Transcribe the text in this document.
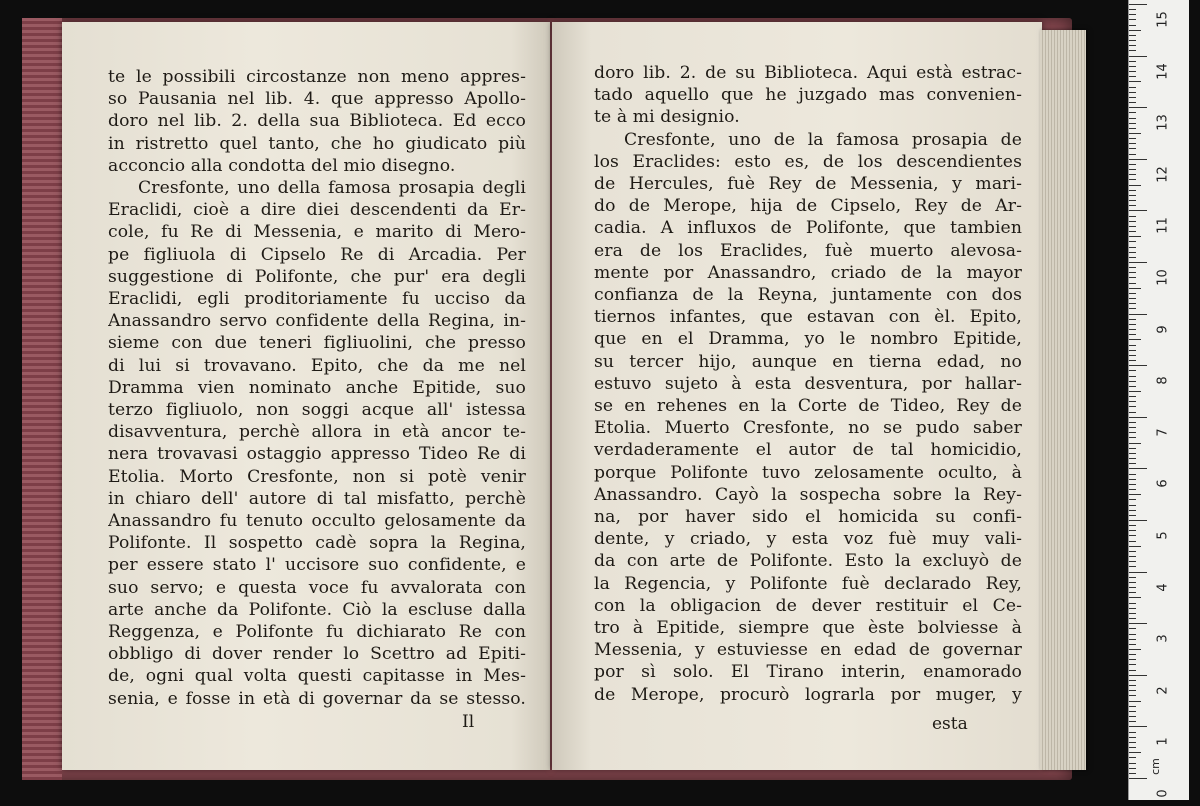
te le possibili circostanze non meno appres-
so Pausania nel lib. 4. que appresso Apollo-
doro nel lib. 2. della sua Biblioteca. Ed ecco
in ristretto quel tanto, che ho giudicato più
acconcio alla condotta del mio disegno.
Cresfonte, uno della famosa prosapia degli
Eraclidi, cioè a dire diei descendenti da Er-
cole, fu Re di Messenia, e marito di Mero-
pe figliuola di Cipselo Re di Arcadia. Per
suggestione di Polifonte, che pur' era degli
Eraclidi, egli proditoriamente fu ucciso da
Anassandro servo confidente della Regina, in-
sieme con due teneri figliuolini, che presso
di lui si trovavano. Epito, che da me nel
Dramma vien nominato anche Epitide, suo
terzo figliuolo, non soggi acque all' istessa
disavventura, perchè allora in età ancor te-
nera trovavasi ostaggio appresso Tideo Re di
Etolia. Morto Cresfonte, non si potè venir
in chiaro dell' autore di tal misfatto, perchè
Anassandro fu tenuto occulto gelosamente da
Polifonte. Il sospetto cadè sopra la Regina,
per essere stato l' uccisore suo confidente, e
suo servo; e questa voce fu avvalorata con
arte anche da Polifonte. Ciò la escluse dalla
Reggenza, e Polifonte fu dichiarato Re con
obbligo di dover render lo Scettro ad Epiti-
de, ogni qual volta questi capitasse in Mes-
senia, e fosse in età di governar da se stesso.
Il
doro lib. 2. de su Biblioteca. Aqui està estrac-
tado aquello que he juzgado mas convenien-
te à mi designio.
Cresfonte, uno de la famosa prosapia de
los Eraclides: esto es, de los descendientes
de Hercules, fuè Rey de Messenia, y mari-
do de Merope, hija de Cipselo, Rey de Ar-
cadia. A influxos de Polifonte, que tambien
era de los Eraclides, fuè muerto alevosa-
mente por Anassandro, criado de la mayor
confianza de la Reyna, juntamente con dos
tiernos infantes, que estavan con èl. Epito,
que en el Dramma, yo le nombro Epitide,
su tercer hijo, aunque en tierna edad, no
estuvo sujeto à esta desventura, por hallar-
se en rehenes en la Corte de Tideo, Rey de
Etolia. Muerto Cresfonte, no se pudo saber
verdaderamente el autor de tal homicidio,
porque Polifonte tuvo zelosamente oculto, à
Anassandro. Cayò la sospecha sobre la Rey-
na, por haver sido el homicida su confi-
dente, y criado, y esta voz fuè muy vali-
da con arte de Polifonte. Esto la excluyò de
la Regencia, y Polifonte fuè declarado Rey,
con la obligacion de dever restituir el Ce-
tro à Epitide, siempre que èste bolviesse à
Messenia, y estuviesse en edad de governar
por sì solo. El Tirano interin, enamorado
de Merope, procurò lograrla por muger, y
esta
cm
15
14
13
12
11
10
9
8
7
6
5
4
3
2
1
0
